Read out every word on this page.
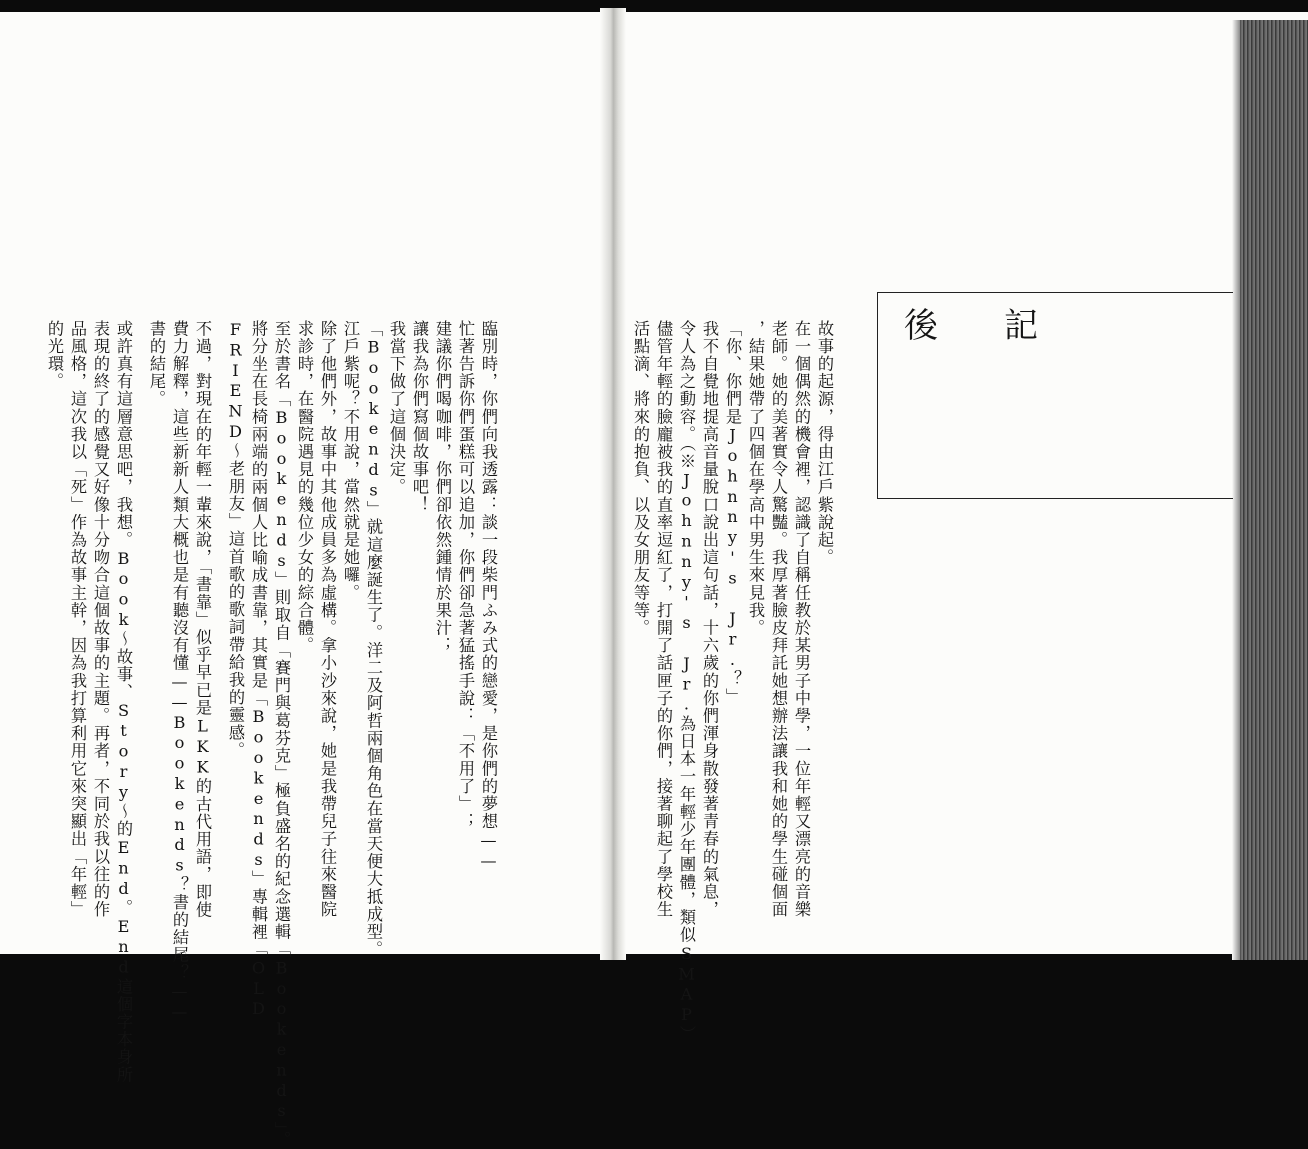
後 記
故事的起源，得由江戶紫說起。
在一個偶然的機會裡，認識了自稱任教於某男子中學，一位年輕又漂亮的音樂
老師。她的美著實令人驚豔。我厚著臉皮拜託她想辦法讓我和她的學生碰個面
，結果她帶了四個在學高中男生來見我。
「你、你們是Johnny's Jr.？」
我不自覺地提高音量脫口說出這句話，十六歲的你們渾身散發著青春的氣息，
令人為之動容。（※Johnny's Jr.為日本一年輕少年團體，類似SMAP）
儘管年輕的臉龐被我的直率逗紅了，打開了話匣子的你們，接著聊起了學校生
活點滴、將來的抱負、以及女朋友等等。
臨別時，你們向我透露：談一段柴門ふみ式的戀愛，是你們的夢想——
忙著告訴你們蛋糕可以追加，你們卻急著猛搖手說：「不用了」；
建議你們喝咖啡，你們卻依然鍾情於果汁；
讓我為你們寫個故事吧！
我當下做了這個決定。
「Bookends」就這麼誕生了。洋二及阿哲兩個角色在當天便大抵成型。
江戶紫呢？不用說，當然就是她囉。
除了他們外，故事中其他成員多為虛構。拿小沙來說，她是我帶兒子往來醫院
求診時，在醫院遇見的幾位少女的綜合體。
至於書名「Bookends」則取自「賽門與葛芬克」極負盛名的紀念選輯「Bookends」。
將分坐在長椅兩端的兩個人比喻成書靠，其實是「Bookends」專輯裡「OLD
FRIEND～老朋友」這首歌的歌詞帶給我的靈感。
不過，對現在的年輕一輩來說，「書靠」似乎早已是LKK的古代用語，即使
費力解釋，這些新新人類大概也是有聽沒有懂——Bookends？書的結尾？——
書的結尾。
或許真有這層意思吧，我想。Book～故事、Story～的End。End這個字本身所
表現的終了的感覺又好像十分吻合這個故事的主題。再者，不同於我以往的作
品風格，這次我以「死」作為故事主幹，因為我打算利用它來突顯出「年輕」
的光環。
